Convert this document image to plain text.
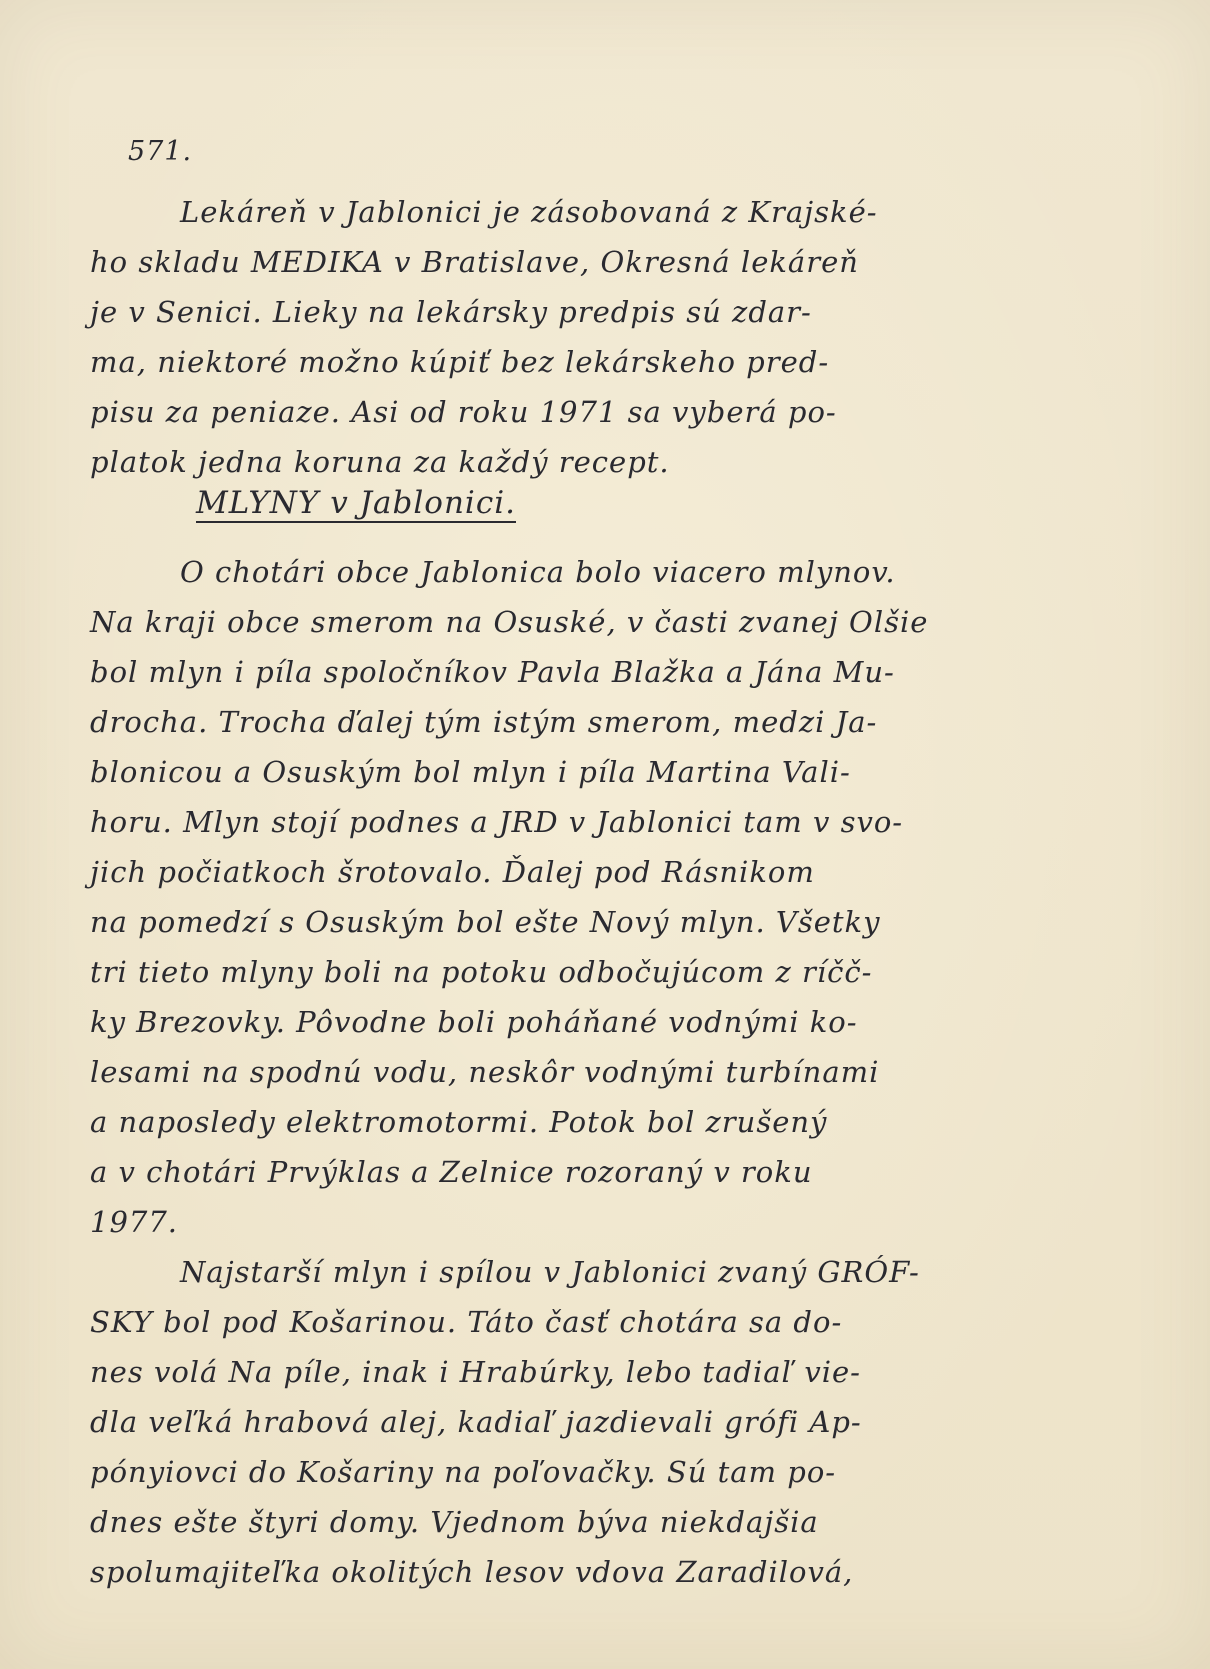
571.
Lekáreň v Jablonici je zásobovaná z Krajské-
ho skladu MEDIKA v Bratislave, Okresná lekáreň
je v Senici. Lieky na lekársky predpis sú zdar-
ma, niektoré možno kúpiť bez lekárskeho pred-
pisu za peniaze. Asi od roku 1971 sa vyberá po-
platok jedna koruna za každý recept.
MLYNY v Jablonici.
O chotári obce Jablonica bolo viacero mlynov.
Na kraji obce smerom na Osuské, v časti zvanej Olšie
bol mlyn i píla spoločníkov Pavla Blažka a Jána Mu-
drocha. Trocha ďalej tým istým smerom, medzi Ja-
blonicou a Osuským bol mlyn i píla Martina Vali-
horu. Mlyn stojí podnes a JRD v Jablonici tam v svo-
jich počiatkoch šrotovalo. Ďalej pod Rásnikom
na pomedzí s Osuským bol ešte Nový mlyn. Všetky
tri tieto mlyny boli na potoku odbočujúcom z ríčč-
ky Brezovky. Pôvodne boli poháňané vodnými ko-
lesami na spodnú vodu, neskôr vodnými turbínami
a naposledy elektromotormi. Potok bol zrušený
a v chotári Prvýklas a Zelnice rozoraný v roku
1977.
Najstarší mlyn i spílou v Jablonici zvaný GRÓF-
SKY bol pod Košarinou. Táto časť chotára sa do-
nes volá Na píle, inak i Hrabúrky, lebo tadiaľ vie-
dla veľká hrabová alej, kadiaľ jazdievali grófi Ap-
pónyiovci do Košariny na poľovačky. Sú tam po-
dnes ešte štyri domy. Vjednom býva niekdajšia
spolumajiteľka okolitých lesov vdova Zaradilová,
